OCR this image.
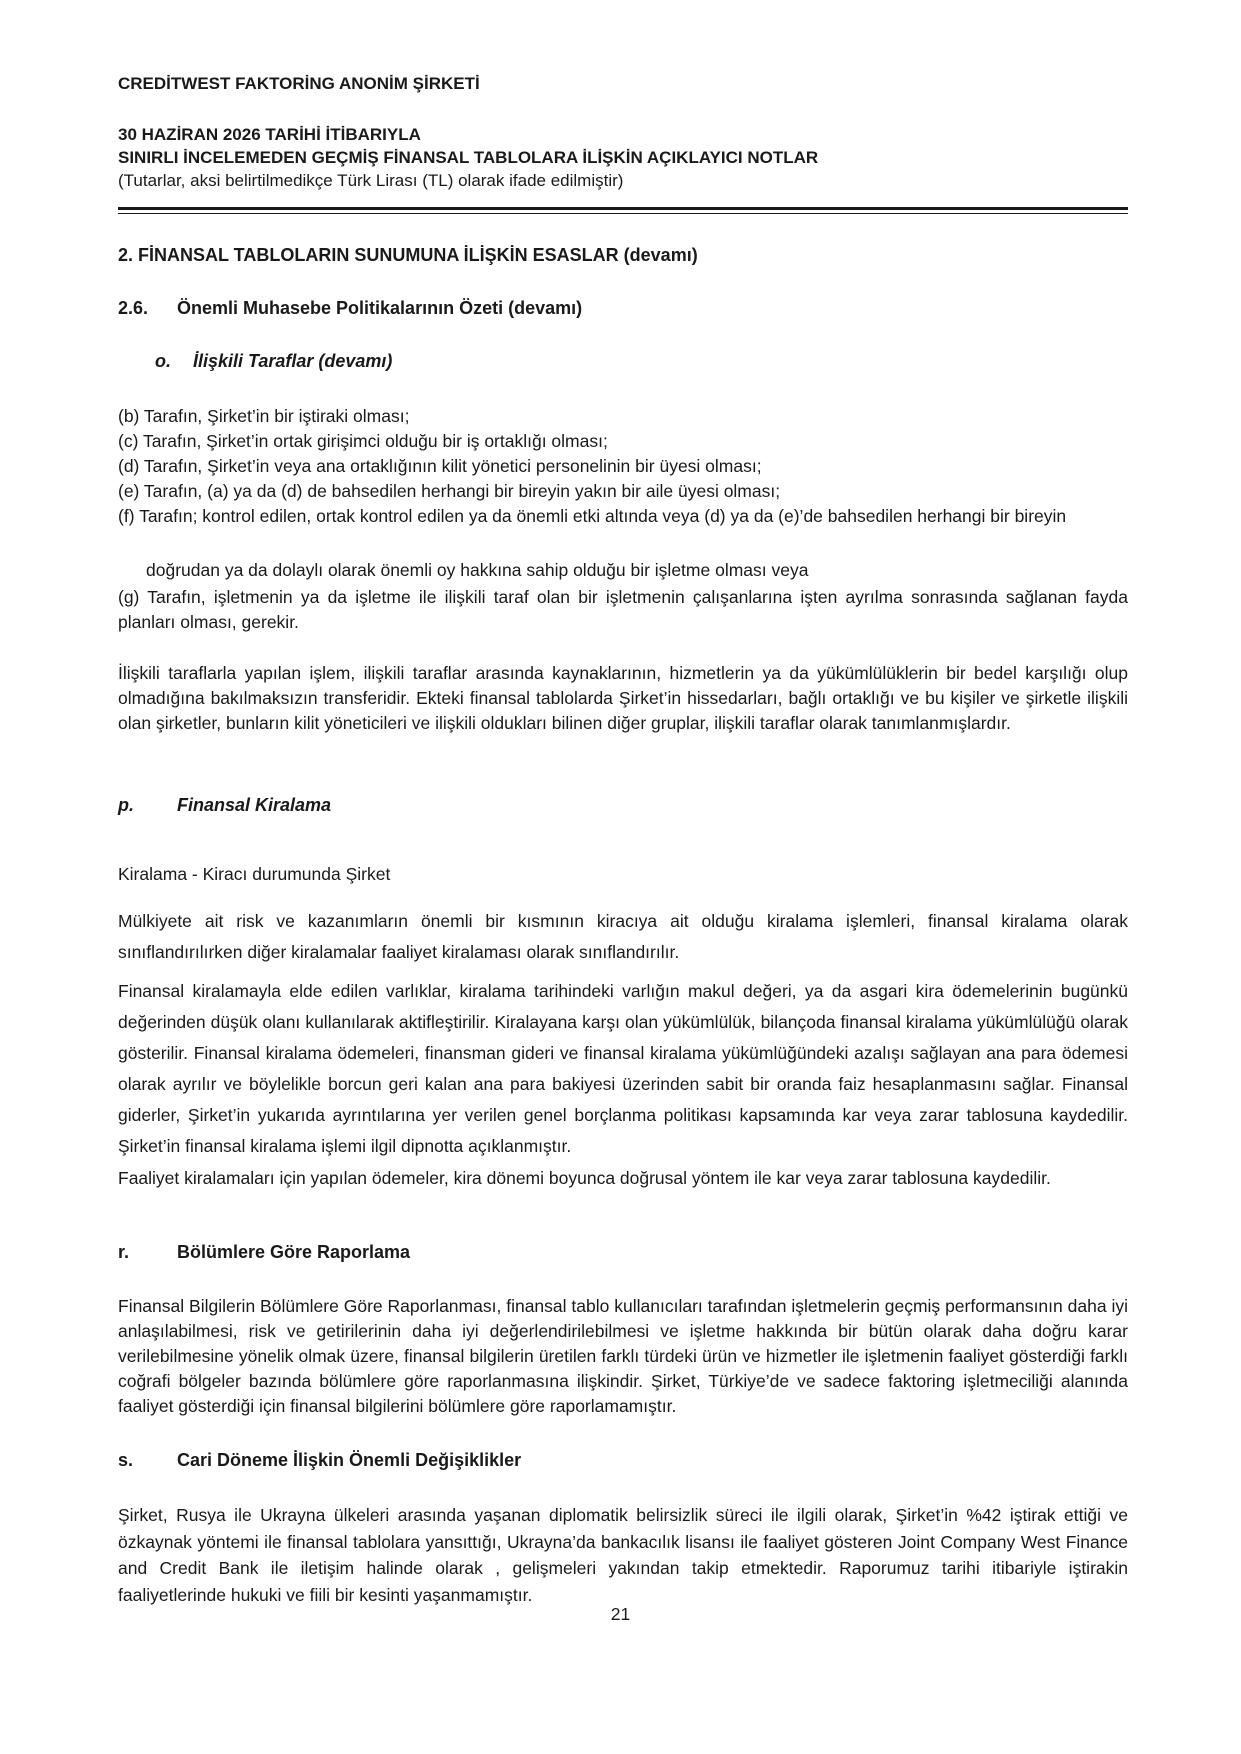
CREDİTWEST FAKTORİNG ANONİM ŞİRKETİ
30 HAZİRAN 2026 TARİHİ İTİBARIYLA
SINIRLI İNCELEMEDEN GEÇMİŞ FİNANSAL TABLOLARA İLİŞKİN AÇIKLAYICI NOTLAR
(Tutarlar, aksi belirtilmedikçe Türk Lirası (TL) olarak ifade edilmiştir)
2. FİNANSAL TABLOLARIN SUNUMUNA İLİŞKİN ESASLAR (devamı)
2.6. Önemli Muhasebe Politikalarının Özeti (devamı)
o. İlişkili Taraflar (devamı)
(b) Tarafın, Şirket’in bir iştiraki olması;
(c) Tarafın, Şirket’in ortak girişimci olduğu bir iş ortaklığı olması;
(d) Tarafın, Şirket’in veya ana ortaklığının kilit yönetici personelinin bir üyesi olması;
(e) Tarafın, (a) ya da (d) de bahsedilen herhangi bir bireyin yakın bir aile üyesi olması;
(f) Tarafın; kontrol edilen, ortak kontrol edilen ya da önemli etki altında veya (d) ya da (e)’de bahsedilen herhangi bir bireyin
doğrudan ya da dolaylı olarak önemli oy hakkına sahip olduğu bir işletme olması veya
(g) Tarafın, işletmenin ya da işletme ile ilişkili taraf olan bir işletmenin çalışanlarına işten ayrılma sonrasında sağlanan fayda planları olması, gerekir.
İlişkili taraflarla yapılan işlem, ilişkili taraflar arasında kaynaklarının, hizmetlerin ya da yükümlülüklerin bir bedel karşılığı olup olmadığına bakılmaksızın transferidir. Ekteki finansal tablolarda Şirket’in hissedarları, bağlı ortaklığı ve bu kişiler ve şirketle ilişkili olan şirketler, bunların kilit yöneticileri ve ilişkili oldukları bilinen diğer gruplar, ilişkili taraflar olarak tanımlanmışlardır.
p. Finansal Kiralama
Kiralama - Kiracı durumunda Şirket
Mülkiyete ait risk ve kazanımların önemli bir kısmının kiracıya ait olduğu kiralama işlemleri, finansal kiralama olarak sınıflandırılırken diğer kiralamalar faaliyet kiralaması olarak sınıflandırılır.
Finansal kiralamayla elde edilen varlıklar, kiralama tarihindeki varlığın makul değeri, ya da asgari kira ödemelerinin bugünkü değerinden düşük olanı kullanılarak aktifleştirilir. Kiralayana karşı olan yükümlülük, bilançoda finansal kiralama yükümlülüğü olarak gösterilir. Finansal kiralama ödemeleri, finansman gideri ve finansal kiralama yükümlüğündeki azalışı sağlayan ana para ödemesi olarak ayrılır ve böylelikle borcun geri kalan ana para bakiyesi üzerinden sabit bir oranda faiz hesaplanmasını sağlar. Finansal giderler, Şirket’in yukarıda ayrıntılarına yer verilen genel borçlanma politikası kapsamında kar veya zarar tablosuna kaydedilir. Şirket’in finansal kiralama işlemi ilgil dipnotta açıklanmıştır.
Faaliyet kiralamaları için yapılan ödemeler, kira dönemi boyunca doğrusal yöntem ile kar veya zarar tablosuna kaydedilir.
r.	Bölümlere Göre Raporlama
Finansal Bilgilerin Bölümlere Göre Raporlanması, finansal tablo kullanıcıları tarafından işletmelerin geçmiş performansının daha iyi anlaşılabilmesi, risk ve getirilerinin daha iyi değerlendirilebilmesi ve işletme hakkında bir bütün olarak daha doğru karar verilebilmesine yönelik olmak üzere, finansal bilgilerin üretilen farklı türdeki ürün ve hizmetler ile işletmenin faaliyet gösterdiği farklı coğrafi bölgeler bazında bölümlere göre raporlanmasına ilişkindir. Şirket, Türkiye’de ve sadece faktoring işletmeciliği alanında faaliyet gösterdiği için finansal bilgilerini bölümlere göre raporlamamıştır.
s. Cari Döneme İlişkin Önemli Değişiklikler
Şirket, Rusya ile Ukrayna ülkeleri arasında yaşanan diplomatik belirsizlik süreci ile ilgili olarak, Şirket’in %42 iştirak ettiği ve özkaynak yöntemi ile finansal tablolara yansıttığı, Ukrayna’da bankacılık lisansı ile faaliyet gösteren Joint Company West Finance and Credit Bank ile iletişim halinde olarak , gelişmeleri yakından takip etmektedir. Raporumuz tarihi itibariyle iştirakin faaliyetlerinde hukuki ve fiili bir kesinti yaşanmamıştır.
21
